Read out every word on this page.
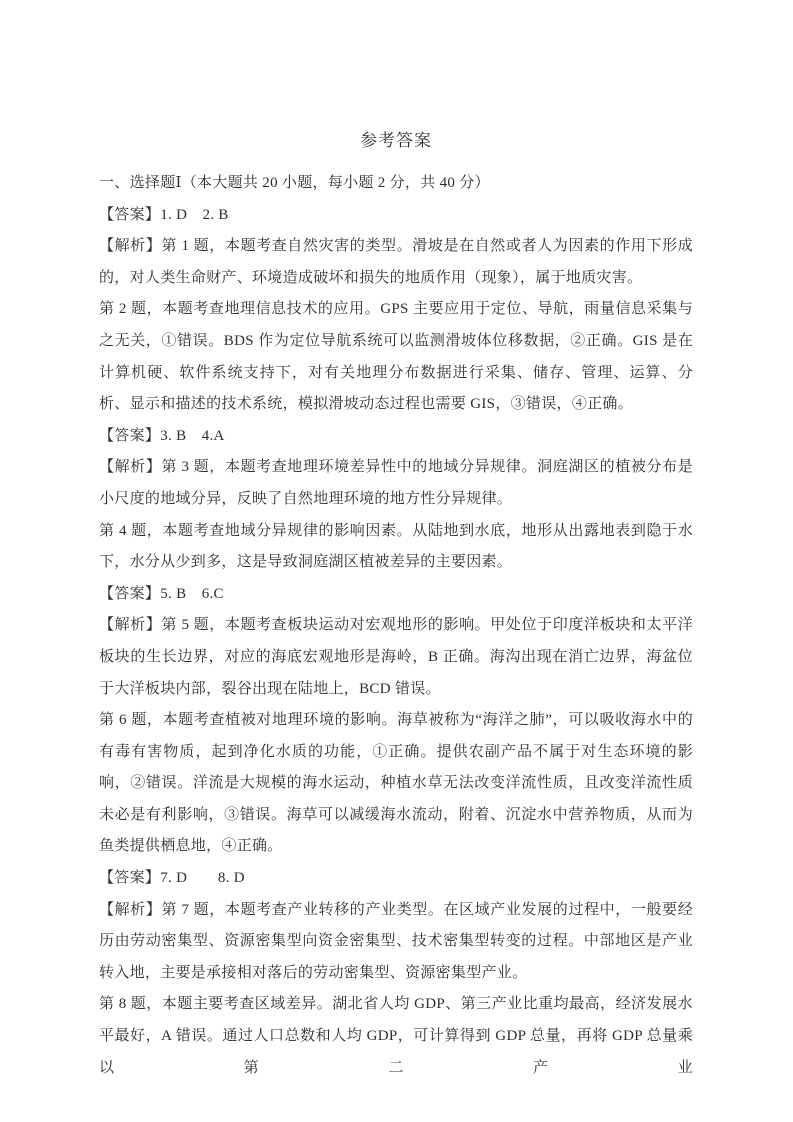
参考答案

一、选择题Ⅰ（本大题共 20 小题，每小题 2 分，共 40 分）

【答案】1. D　2. B

【解析】第 1 题，本题考查自然灾害的类型。滑坡是在自然或者人为因素的作用下形成的，对人类生命财产、环境造成破坏和损失的地质作用（现象），属于地质灾害。

第 2 题，本题考查地理信息技术的应用。GPS 主要应用于定位、导航，雨量信息采集与之无关，①错误。BDS 作为定位导航系统可以监测滑坡体位移数据，②正确。GIS 是在计算机硬、软件系统支持下，对有关地理分布数据进行采集、储存、管理、运算、分析、显示和描述的技术系统，模拟滑坡动态过程也需要 GIS，③错误，④正确。

【答案】3. B　4.A

【解析】第 3 题，本题考查地理环境差异性中的地域分异规律。洞庭湖区的植被分布是小尺度的地域分异，反映了自然地理环境的地方性分异规律。

第 4 题，本题考查地域分异规律的影响因素。从陆地到水底，地形从出露地表到隐于水下，水分从少到多，这是导致洞庭湖区植被差异的主要因素。

【答案】5. B　6.C

【解析】第 5 题，本题考查板块运动对宏观地形的影响。甲处位于印度洋板块和太平洋板块的生长边界，对应的海底宏观地形是海岭，B 正确。海沟出现在消亡边界，海盆位于大洋板块内部，裂谷出现在陆地上，BCD 错误。

第 6 题，本题考查植被对地理环境的影响。海草被称为“海洋之肺”，可以吸收海水中的有毒有害物质，起到净化水质的功能，①正确。提供农副产品不属于对生态环境的影响，②错误。洋流是大规模的海水运动，种植水草无法改变洋流性质，且改变洋流性质未必是有利影响，③错误。海草可以减缓海水流动，附着、沉淀水中营养物质，从而为鱼类提供栖息地，④正确。

【答案】7. D　　8. D

【解析】第 7 题，本题考查产业转移的产业类型。在区域产业发展的过程中，一般要经历由劳动密集型、资源密集型向资金密集型、技术密集型转变的过程。中部地区是产业转入地，主要是承接相对落后的劳动密集型、资源密集型产业。

第 8 题，本题主要考查区域差异。湖北省人均 GDP、第三产业比重均最高，经济发展水平最好，A 错误。通过人口总数和人均 GDP，可计算得到 GDP 总量，再将 GDP 总量乘以第二产业
